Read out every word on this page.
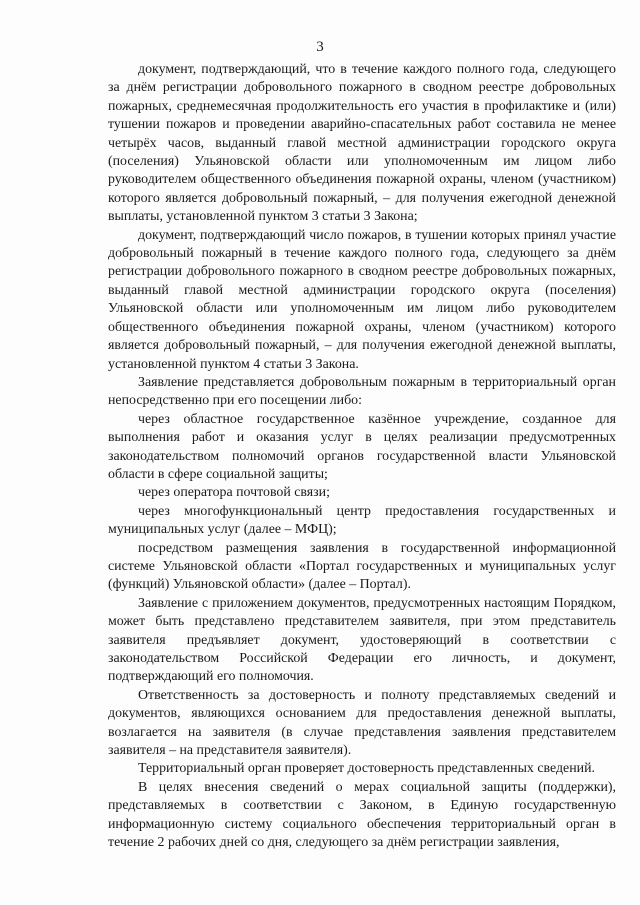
3

документ, подтверждающий, что в течение каждого полного года, следующего за днём регистрации добровольного пожарного в сводном реестре добровольных пожарных, среднемесячная продолжительность его участия в профилактике и (или) тушении пожаров и проведении аварийно-спасательных работ составила не менее четырёх часов, выданный главой местной администрации городского округа (поселения) Ульяновской области или уполномоченным им лицом либо руководителем общественного объединения пожарной охраны, членом (участником) которого является добровольный пожарный, – для получения ежегодной денежной выплаты, установленной пунктом 3 статьи 3 Закона;

документ, подтверждающий число пожаров, в тушении которых принял участие добровольный пожарный в течение каждого полного года, следующего за днём регистрации добровольного пожарного в сводном реестре добровольных пожарных, выданный главой местной администрации городского округа (поселения) Ульяновской области или уполномоченным им лицом либо руководителем общественного объединения пожарной охраны, членом (участником) которого является добровольный пожарный, – для получения ежегодной денежной выплаты, установленной пунктом 4 статьи 3 Закона.

Заявление представляется добровольным пожарным в территориальный орган непосредственно при его посещении либо:

через областное государственное казённое учреждение, созданное для выполнения работ и оказания услуг в целях реализации предусмотренных законодательством полномочий органов государственной власти Ульяновской области в сфере социальной защиты;

через оператора почтовой связи;

через многофункциональный центр предоставления государственных и муниципальных услуг (далее – МФЦ);

посредством размещения заявления в государственной информационной системе Ульяновской области «Портал государственных и муниципальных услуг (функций) Ульяновской области» (далее – Портал).

Заявление с приложением документов, предусмотренных настоящим Порядком, может быть представлено представителем заявителя, при этом представитель заявителя предъявляет документ, удостоверяющий в соответствии с законодательством Российской Федерации его личность, и документ, подтверждающий его полномочия.

Ответственность за достоверность и полноту представляемых сведений и документов, являющихся основанием для предоставления денежной выплаты, возлагается на заявителя (в случае представления заявления представителем заявителя – на представителя заявителя).

Территориальный орган проверяет достоверность представленных сведений.

В целях внесения сведений о мерах социальной защиты (поддержки), представляемых в соответствии с Законом, в Единую государственную информационную систему социального обеспечения территориальный орган в течение 2 рабочих дней со дня, следующего за днём регистрации заявления,
